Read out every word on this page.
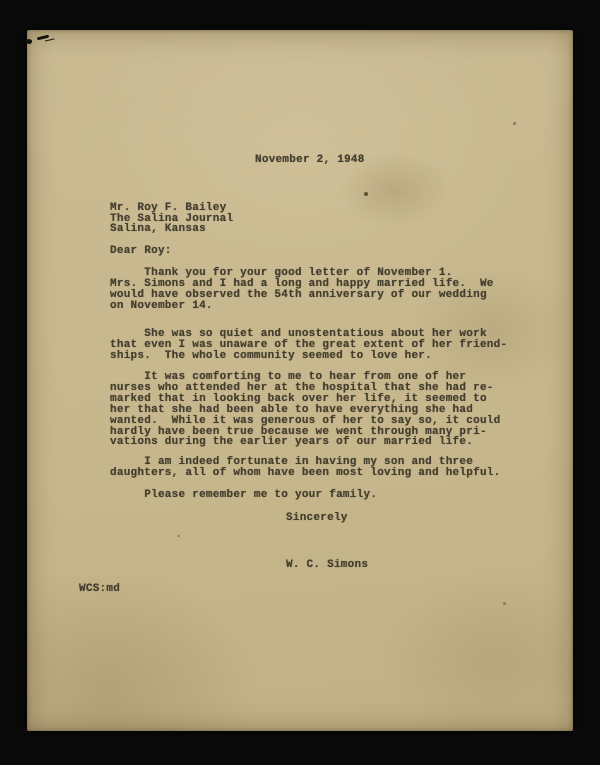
November 2, 1948
Mr. Roy F. Bailey
The Salina Journal
Salina, Kansas
Dear Roy:
Thank you for your good letter of November 1.
Mrs. Simons and I had a long and happy married life.  We
would have observed the 54th anniversary of our wedding
on November 14.
She was so quiet and unostentatious about her work
that even I was unaware of the great extent of her friend-
ships.  The whole community seemed to love her.
It was comforting to me to hear from one of her
nurses who attended her at the hospital that she had re-
marked that in looking back over her life, it seemed to
her that she had been able to have everything she had
wanted.  While it was generous of her to say so, it could
hardly have been true because we went through many pri-
vations during the earlier years of our married life.
I am indeed fortunate in having my son and three
daughters, all of whom have been most loving and helpful.
Please remember me to your family.
Sincerely
W. C. Simons
WCS:md
